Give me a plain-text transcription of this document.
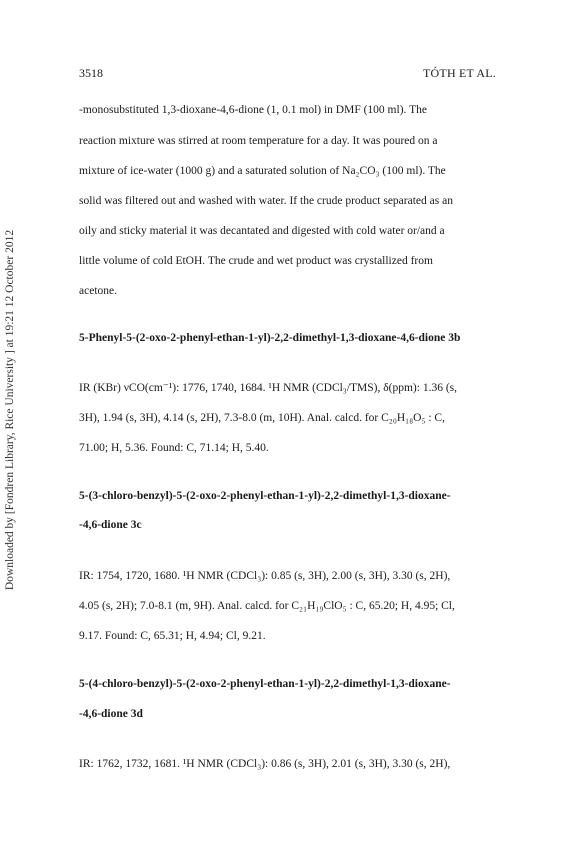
Downloaded by [Fondren Library, Rice University ] at 19:21 12 October 2012
3518	TÓTH ET AL.
-monosubstituted 1,3-dioxane-4,6-dione (1, 0.1 mol) in DMF (100 ml). The
reaction mixture was stirred at room temperature for a day. It was poured on a
mixture of ice-water (1000 g) and a saturated solution of Na₂CO₃ (100 ml). The
solid was filtered out and washed with water. If the crude product separated as an
oily and sticky material it was decantated and digested with cold water or/and a
little volume of cold EtOH. The crude and wet product was crystallized from
acetone.
5-Phenyl-5-(2-oxo-2-phenyl-ethan-1-yl)-2,2-dimethyl-1,3-dioxane-4,6-dione 3b
IR (KBr) νCO(cm⁻¹): 1776, 1740, 1684. ¹H NMR (CDCl₃/TMS), δ(ppm): 1.36 (s,
3H), 1.94 (s, 3H), 4.14 (s, 2H), 7.3-8.0 (m, 10H). Anal. calcd. for C₂₀H₁₈O₅ : C,
71.00; H, 5.36. Found: C, 71.14; H, 5.40.
5-(3-chloro-benzyl)-5-(2-oxo-2-phenyl-ethan-1-yl)-2,2-dimethyl-1,3-dioxane-
-4,6-dione 3c
IR: 1754, 1720, 1680. ¹H NMR (CDCl₃): 0.85 (s, 3H), 2.00 (s, 3H), 3.30 (s, 2H),
4.05 (s, 2H); 7.0-8.1 (m, 9H). Anal. calcd. for C₂₁H₁₉ClO₅ : C, 65.20; H, 4.95; Cl,
9.17. Found: C, 65.31; H, 4.94; Cl, 9.21.
5-(4-chloro-benzyl)-5-(2-oxo-2-phenyl-ethan-1-yl)-2,2-dimethyl-1,3-dioxane-
-4,6-dione 3d
IR: 1762, 1732, 1681. ¹H NMR (CDCl₃): 0.86 (s, 3H), 2.01 (s, 3H), 3.30 (s, 2H),
